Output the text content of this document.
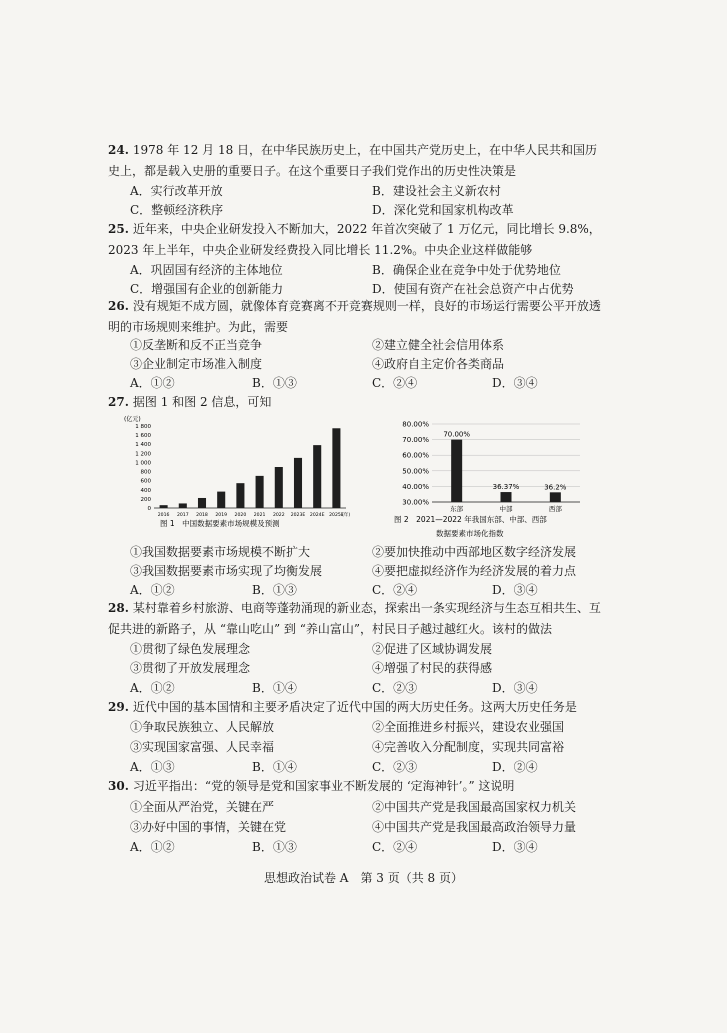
24. 1978 年 12 月 18 日，在中华民族历史上，在中国共产党历史上，在中华人民共和国历史上，都是载入史册的重要日子。在这个重要日子我们党作出的历史性决策是

A．实行改革开放	B．建设社会主义新农村
C．整顿经济秩序	D．深化党和国家机构改革

25. 近年来，中央企业研发投入不断加大，2022 年首次突破了 1 万亿元，同比增长 9.8%，2023 年上半年，中央企业研发经费投入同比增长 11.2%。中央企业这样做能够

A．巩固国有经济的主体地位	B．确保企业在竞争中处于优势地位
C．增强国有企业的创新能力	D．使国有资产在社会总资产中占优势

26. 没有规矩不成方圆，就像体育竞赛离不开竞赛规则一样，良好的市场运行需要公平开放透明的市场规则来维护。为此，需要

①反垄断和反不正当竞争	②建立健全社会信用体系
③企业制定市场准入制度	④政府自主定价各类商品
A．①②	B．①③	C．②④	D．③④

27. 据图 1 和图 2 信息，可知

(亿元)
0
200
400
600
800
1 000
1 200
1 400
1 600
1 800
2016 2017 2018 2019 2020 2021 2022 2023E 2024E 2025E
(年)
图 1　中国数据要素市场规模及预测
30.00%
40.00%
50.00%
60.00%
70.00%
80.00%
70.00%
东部
36.37%
中部
36.2%
西部
图 2　2021—2022 年我国东部、中部、西部
数据要素市场化指数
①我国数据要素市场规模不断扩大	②要加快推动中西部地区数字经济发展
③我国数据要素市场实现了均衡发展	④要把虚拟经济作为经济发展的着力点
A．①②	B．①③	C．②④	D．③④

28. 某村靠着乡村旅游、电商等蓬勃涌现的新业态，探索出一条实现经济与生态互相共生、互促共进的新路子，从 “靠山吃山” 到 “养山富山”，村民日子越过越红火。该村的做法

①贯彻了绿色发展理念	②促进了区域协调发展
③贯彻了开放发展理念	④增强了村民的获得感
A．①②	B．①④	C．②③	D．③④

29. 近代中国的基本国情和主要矛盾决定了近代中国的两大历史任务。这两大历史任务是

①争取民族独立、人民解放	②全面推进乡村振兴，建设农业强国
③实现国家富强、人民幸福	④完善收入分配制度，实现共同富裕
A．①③	B．①④	C．②③	D．②④

30. 习近平指出：“党的领导是党和国家事业不断发展的 ‘定海神针’。” 这说明

①全面从严治党，关键在严	②中国共产党是我国最高国家权力机关
③办好中国的事情，关键在党	④中国共产党是我国最高政治领导力量
A．①②	B．①③	C．②④	D．③④
思想政治试卷 A　第 3 页（共 8 页）
